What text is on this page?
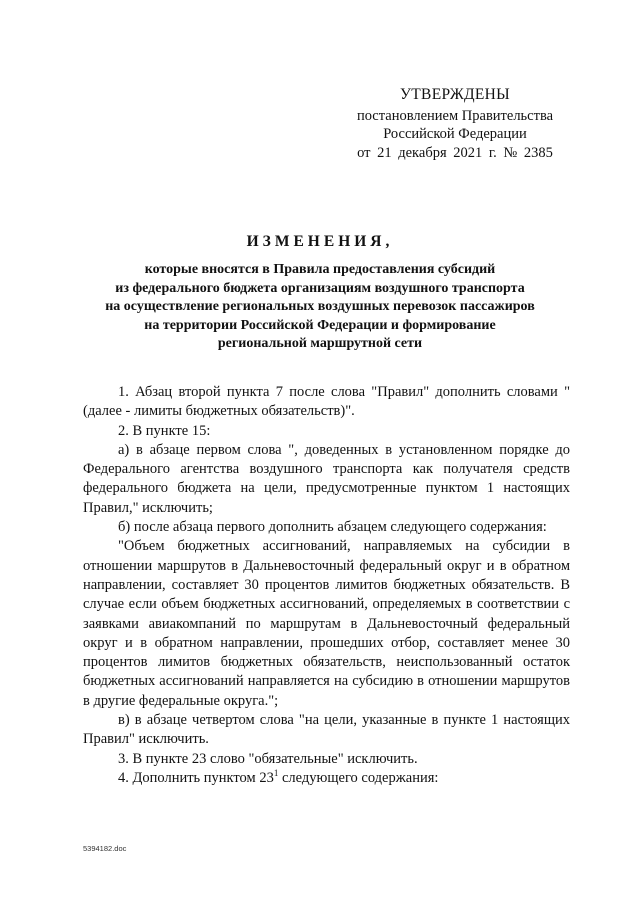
УТВЕРЖДЕНЫ
постановлением Правительства
Российской Федерации
от 21 декабря 2021 г. № 2385
ИЗМЕНЕНИЯ,
которые вносятся в Правила предоставления субсидий
из федерального бюджета организациям воздушного транспорта
на осуществление региональных воздушных перевозок пассажиров
на территории Российской Федерации и формирование
региональной маршрутной сети

1. Абзац второй пункта 7 после слова "Правил" дополнить словами "(далее - лимиты бюджетных обязательств)".

2. В пункте 15:

а) в абзаце первом слова ", доведенных в установленном порядке до Федерального агентства воздушного транспорта как получателя средств федерального бюджета на цели, предусмотренные пунктом 1 настоящих Правил," исключить;

б) после абзаца первого дополнить абзацем следующего содержания:

"Объем бюджетных ассигнований, направляемых на субсидии в отношении маршрутов в Дальневосточный федеральный округ и в обратном направлении, составляет 30 процентов лимитов бюджетных обязательств. В случае если объем бюджетных ассигнований, определяемых в соответствии с заявками авиакомпаний по маршрутам в Дальневосточный федеральный округ и в обратном направлении, прошедших отбор, составляет менее 30 процентов лимитов бюджетных обязательств, неиспользованный остаток бюджетных ассигнований направляется на субсидию в отношении маршрутов в другие федеральные округа.";

в) в абзаце четвертом слова "на цели, указанные в пункте 1 настоящих Правил" исключить.

3. В пункте 23 слово "обязательные" исключить.

4. Дополнить пунктом $23^1$ следующего содержания:

5394182.doc
